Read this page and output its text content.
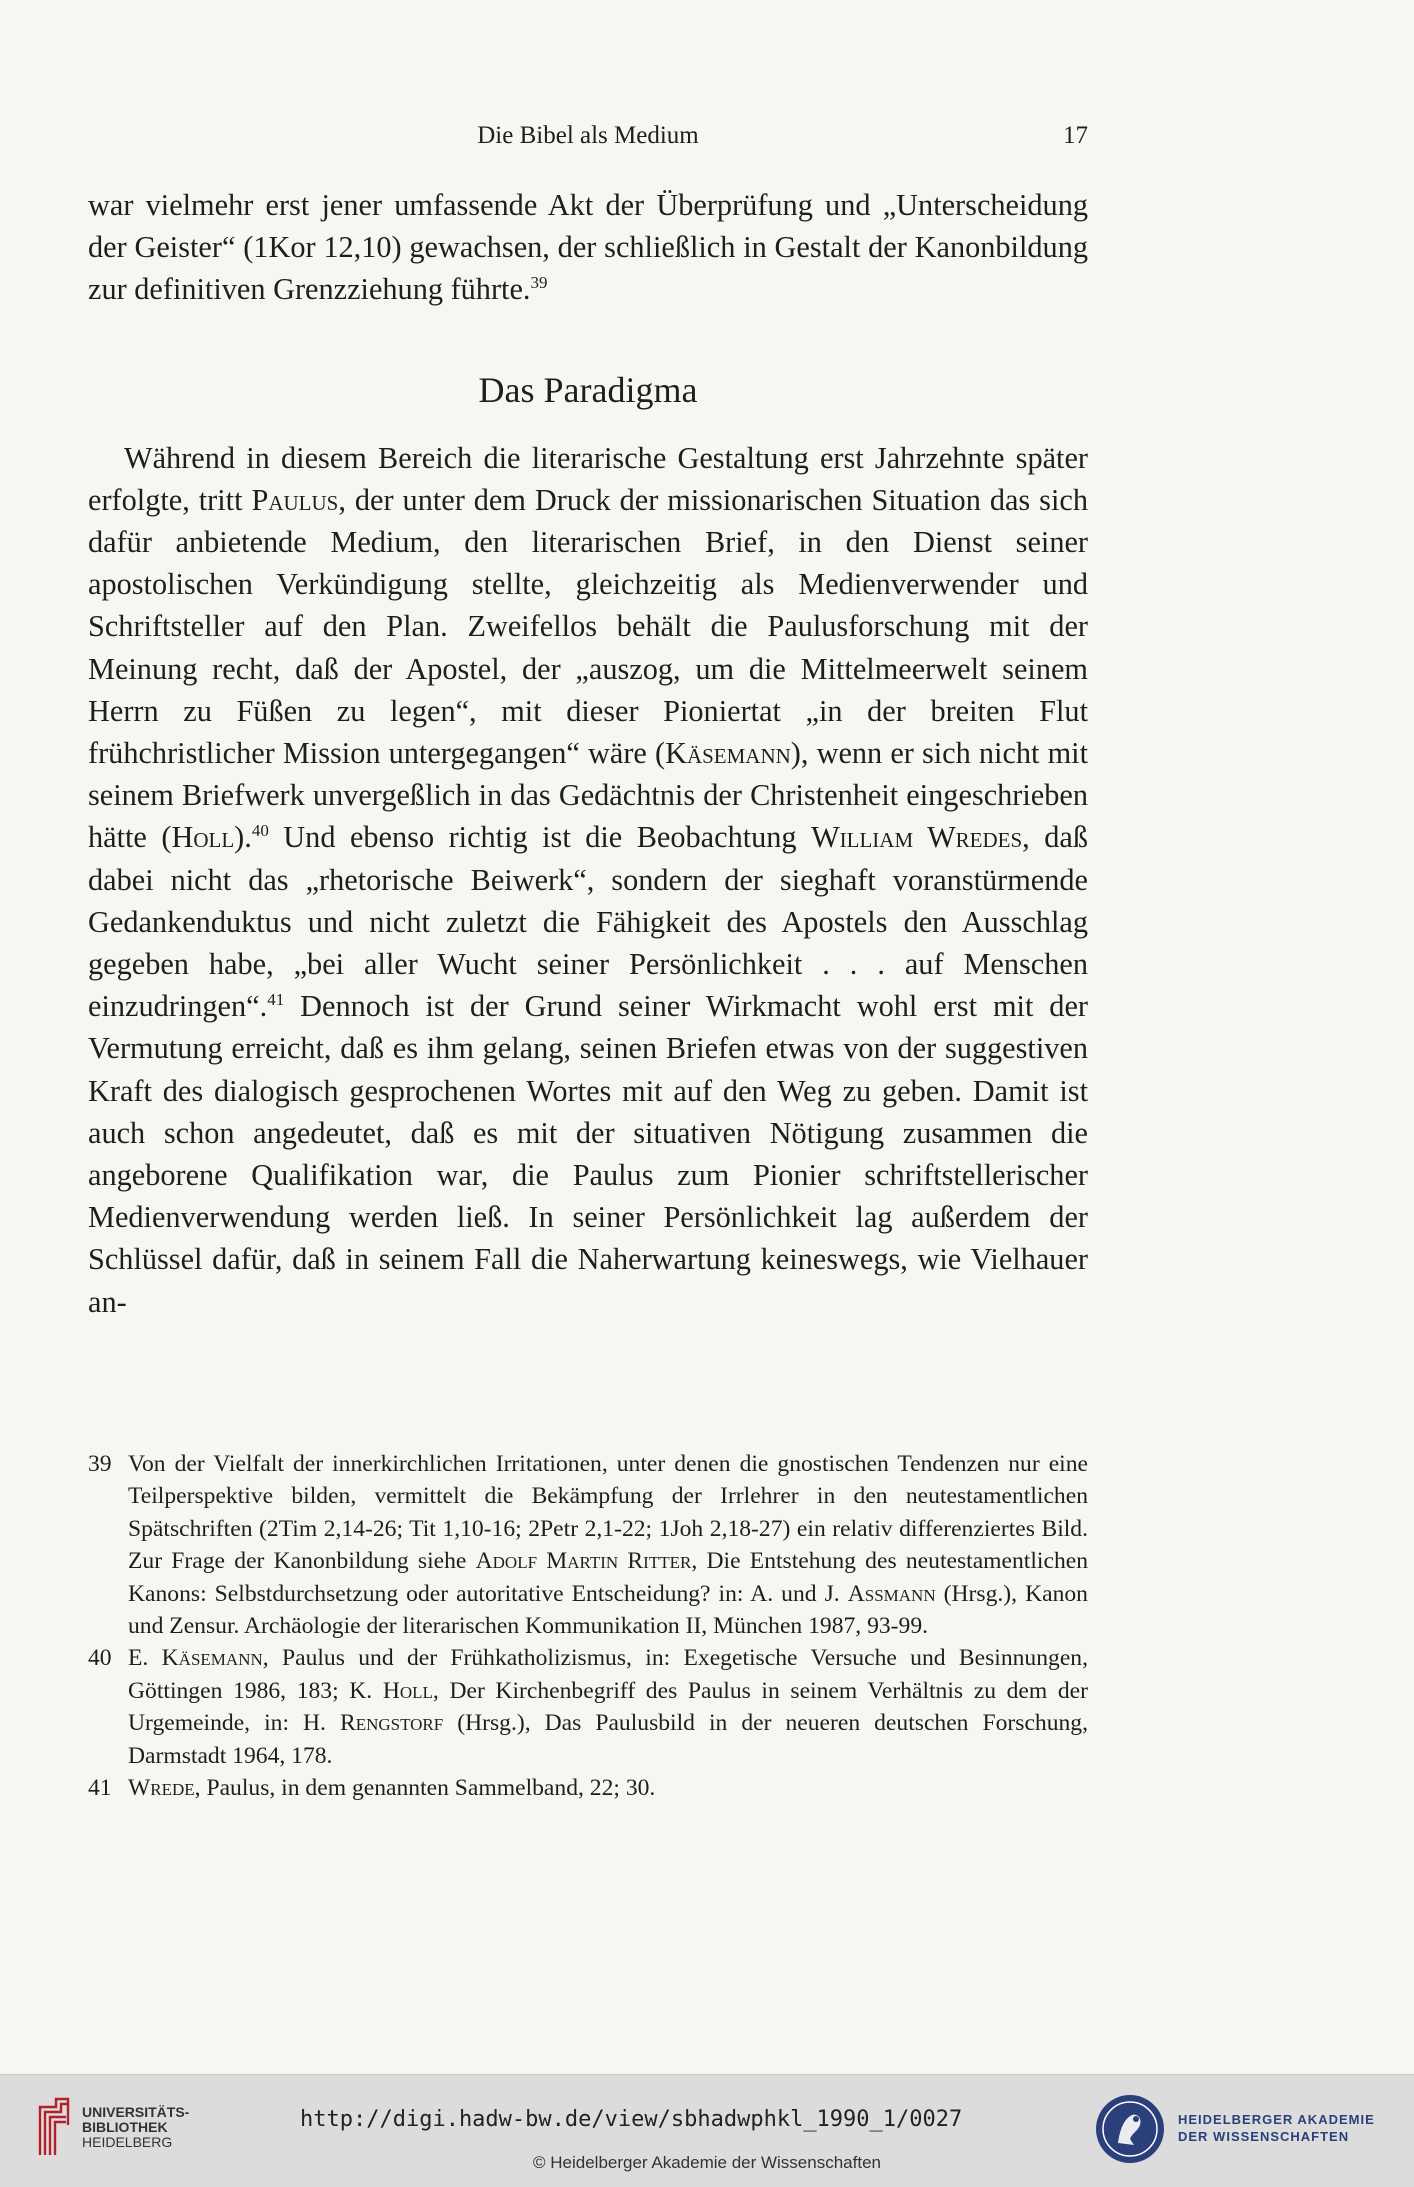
Die Bibel als Medium	17

war vielmehr erst jener umfassende Akt der Überprüfung und „Unterscheidung der Geister“ (1Kor 12,10) gewachsen, der schließlich in Gestalt der Kanonbildung zur definitiven Grenzziehung führte.$^{39}$

Das Paradigma

Während in diesem Bereich die literarische Gestaltung erst Jahrzehnte später erfolgte, tritt Paulus, der unter dem Druck der missionarischen Situation das sich dafür anbietende Medium, den literarischen Brief, in den Dienst seiner apostolischen Verkündigung stellte, gleichzeitig als Medienverwender und Schriftsteller auf den Plan. Zweifellos behält die Paulusforschung mit der Meinung recht, daß der Apostel, der „auszog, um die Mittelmeerwelt seinem Herrn zu Füßen zu legen“, mit dieser Pioniertat „in der breiten Flut frühchristlicher Mission untergegangen“ wäre (Käsemann), wenn er sich nicht mit seinem Briefwerk unvergeßlich in das Gedächtnis der Christenheit eingeschrieben hätte (Holl).$^{40}$ Und ebenso richtig ist die Beobachtung William Wredes, daß dabei nicht das „rhetorische Beiwerk“, sondern der sieghaft voranstürmende Gedankenduktus und nicht zuletzt die Fähigkeit des Apostels den Ausschlag gegeben habe, „bei aller Wucht seiner Persönlichkeit . . . auf Menschen einzudringen“.$^{41}$ Dennoch ist der Grund seiner Wirkmacht wohl erst mit der Vermutung erreicht, daß es ihm gelang, seinen Briefen etwas von der suggestiven Kraft des dialogisch gesprochenen Wortes mit auf den Weg zu geben. Damit ist auch schon angedeutet, daß es mit der situativen Nötigung zusammen die angeborene Qualifikation war, die Paulus zum Pionier schriftstellerischer Medienverwendung werden ließ. In seiner Persönlichkeit lag außerdem der Schlüssel dafür, daß in seinem Fall die Naherwartung keineswegs, wie Vielhauer an-

39 Von der Vielfalt der innerkirchlichen Irritationen, unter denen die gnostischen Tendenzen nur eine Teilperspektive bilden, vermittelt die Bekämpfung der Irrlehrer in den neutestamentlichen Spätschriften (2Tim 2,14-26; Tit 1,10-16; 2Petr 2,1-22; 1Joh 2,18-27) ein relativ differenziertes Bild. Zur Frage der Kanonbildung siehe Adolf Martin Ritter, Die Entstehung des neutestamentlichen Kanons: Selbstdurchsetzung oder autoritative Entscheidung? in: A. und J. Assmann (Hrsg.), Kanon und Zensur. Archäologie der literarischen Kommunikation II, München 1987, 93-99.
40 E. Käsemann, Paulus und der Frühkatholizismus, in: Exegetische Versuche und Besinnungen, Göttingen 1986, 183; K. Holl, Der Kirchenbegriff des Paulus in seinem Verhältnis zu dem der Urgemeinde, in: H. Rengstorf (Hrsg.), Das Paulusbild in der neueren deutschen Forschung, Darmstadt 1964, 178.
41 Wrede, Paulus, in dem genannten Sammelband, 22; 30.
UNIVERSITÄTS-
BIBLIOTHEK
HEIDELBERG
http://digi.hadw-bw.de/view/sbhadwphkl_1990_1/0027
© Heidelberger Akademie der Wissenschaften
HEIDELBERGER AKADEMIE
DER WISSENSCHAFTEN
